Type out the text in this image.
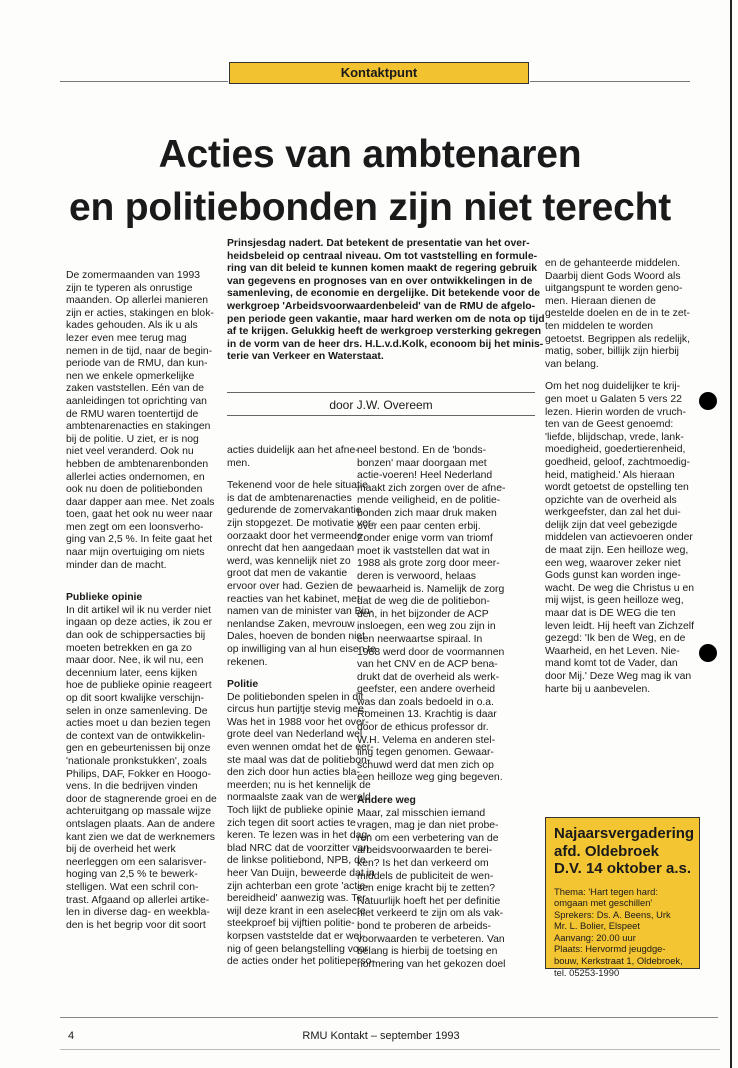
Kontaktpunt
Acties van ambtenaren
en politiebonden zijn niet terecht
Prinsjesdag nadert. Dat betekent de presentatie van het over-
heidsbeleid op centraal niveau. Om tot vaststelling en formule-
ring van dit beleid te kunnen komen maakt de regering gebruik
van gegevens en prognoses van en over ontwikkelingen in de
samenleving, de economie en dergelijke. Dit betekende voor de
werkgroep 'Arbeidsvoorwaardenbeleid' van de RMU de afgelo-
pen periode geen vakantie, maar hard werken om de nota op tijd
af te krijgen. Gelukkig heeft de werkgroep versterking gekregen
in de vorm van de heer drs. H.L.v.d.Kolk, econoom bij het minis-
terie van Verkeer en Waterstaat.
door J.W. Overeem
De zomermaanden van 1993
zijn te typeren als onrustige
maanden. Op allerlei manieren
zijn er acties, stakingen en blok-
kades gehouden. Als ik u als
lezer even mee terug mag
nemen in de tijd, naar de begin-
periode van de RMU, dan kun-
nen we enkele opmerkelijke
zaken vaststellen. Eén van de
aanleidingen tot oprichting van
de RMU waren toentertijd de
ambtenarenacties en stakingen
bij de politie. U ziet, er is nog
niet veel veranderd. Ook nu
hebben de ambtenarenbonden
allerlei acties ondernomen, en
ook nu doen de politiebonden
daar dapper aan mee. Net zoals
toen, gaat het ook nu weer naar
men zegt om een loonsverho-
ging van 2,5 %. In feite gaat het
naar mijn overtuiging om niets
minder dan de macht.
Publieke opinie
In dit artikel wil ik nu verder niet
ingaan op deze acties, ik zou er
dan ook de schippersacties bij
moeten betrekken en ga zo
maar door. Nee, ik wil nu, een
decennium later, eens kijken
hoe de publieke opinie reageert
op dit soort kwalijke verschijn-
selen in onze samenleving. De
acties moet u dan bezien tegen
de context van de ontwikkelin-
gen en gebeurtenissen bij onze
'nationale pronkstukken', zoals
Philips, DAF, Fokker en Hoogo-
vens. In die bedrijven vinden
door de stagnerende groei en de
achteruitgang op massale wijze
ontslagen plaats. Aan de andere
kant zien we dat de werknemers
bij de overheid het werk
neerleggen om een salarisver-
hoging van 2,5 % te bewerk-
stelligen. Wat een schril con-
trast. Afgaand op allerlei artike-
len in diverse dag- en weekbla-
den is het begrip voor dit soort
acties duidelijk aan het afne-
men.
Tekenend voor de hele situatie
is dat de ambtenarenacties
gedurende de zomervakantie
zijn stopgezet. De motivatie ver-
oorzaakt door het vermeende
onrecht dat hen aangedaan
werd, was kennelijk niet zo
groot dat men de vakantie
ervoor over had. Gezien de
reacties van het kabinet, met
namen van de minister van Bin-
nenlandse Zaken, mevrouw
Dales, hoeven de bonden niet
op inwilliging van al hun eisen te
rekenen.
Politie
De politiebonden spelen in dit
circus hun partijtje stevig mee.
Was het in 1988 voor het over-
grote deel van Nederland wel
even wennen omdat het de eer-
ste maal was dat de politiebon-
den zich door hun acties bla-
meerden; nu is het kennelijk de
normaalste zaak van de wereld.
Toch lijkt de publieke opinie
zich tegen dit soort acties te
keren. Te lezen was in het dag-
blad NRC dat de voorzitter van
de linkse politiebond, NPB, de
heer Van Duijn, beweerde dat in
zijn achterban een grote 'actie-
bereidheid' aanwezig was. Ter-
wijl deze krant in een aselecte
steekproef bij vijftien politie-
korpsen vaststelde dat er wei-
nig of geen belangstelling voor
de acties onder het politieperso-
neel bestond. En de 'bonds-
bonzen' maar doorgaan met
actie-voeren! Heel Nederland
maakt zich zorgen over de afne-
mende veiligheid, en de politie-
bonden zich maar druk maken
over een paar centen erbij.
Zonder enige vorm van triomf
moet ik vaststellen dat wat in
1988 als grote zorg door meer-
deren is verwoord, helaas
bewaarheid is. Namelijk de zorg
dat de weg die de politiebon-
den, in het bijzonder de ACP
insloegen, een weg zou zijn in
een neerwaartse spiraal. In
1988 werd door de voormannen
van het CNV en de ACP bena-
drukt dat de overheid als werk-
geefster, een andere overheid
was dan zoals bedoeld in o.a.
Romeinen 13. Krachtig is daar
door de ethicus professor dr.
W.H. Velema en anderen stel-
ling tegen genomen. Gewaar-
schuwd werd dat men zich op
een heilloze weg ging begeven.
Andere weg
Maar, zal misschien iemand
vragen, mag je dan niet probe-
ren om een verbetering van de
arbeidsvoorwaarden te berei-
ken? Is het dan verkeerd om
middels de publiciteit de wen-
sen enige kracht bij te zetten?
Natuurlijk hoeft het per definitie
niet verkeerd te zijn om als vak-
bond te proberen de arbeids-
voorwaarden te verbeteren. Van
belang is hierbij de toetsing en
normering van het gekozen doel
en de gehanteerde middelen.
Daarbij dient Gods Woord als
uitgangspunt te worden geno-
men. Hieraan dienen de
gestelde doelen en de in te zet-
ten middelen te worden
getoetst. Begrippen als redelijk,
matig, sober, billijk zijn hierbij
van belang.
Om het nog duidelijker te krij-
gen moet u Galaten 5 vers 22
lezen. Hierin worden de vruch-
ten van de Geest genoemd:
'liefde, blijdschap, vrede, lank-
moedigheid, goedertierenheid,
goedheid, geloof, zachtmoedig-
heid, matigheid.' Als hieraan
wordt getoetst de opstelling ten
opzichte van de overheid als
werkgeefster, dan zal het dui-
delijk zijn dat veel gebezigde
middelen van actievoeren onder
de maat zijn. Een heilloze weg,
een weg, waarover zeker niet
Gods gunst kan worden inge-
wacht. De weg die Christus u en
mij wijst, is geen heilloze weg,
maar dat is DE WEG die ten
leven leidt. Hij heeft van Zichzelf
gezegd: 'Ik ben de Weg, en de
Waarheid, en het Leven. Nie-
mand komt tot de Vader, dan
door Mij.' Deze Weg mag ik van
harte bij u aanbevelen.
Najaarsvergadering
afd. Oldebroek
D.V. 14 oktober a.s.
Thema: 'Hart tegen hard:
omgaan met geschillen'
Sprekers: Ds. A. Beens, Urk
Mr. L. Bolier, Elspeet
Aanvang: 20.00 uur
Plaats: Hervormd jeugdge-
bouw, Kerkstraat 1, Oldebroek,
tel. 05253-1990
4	RMU Kontakt – september 1993
